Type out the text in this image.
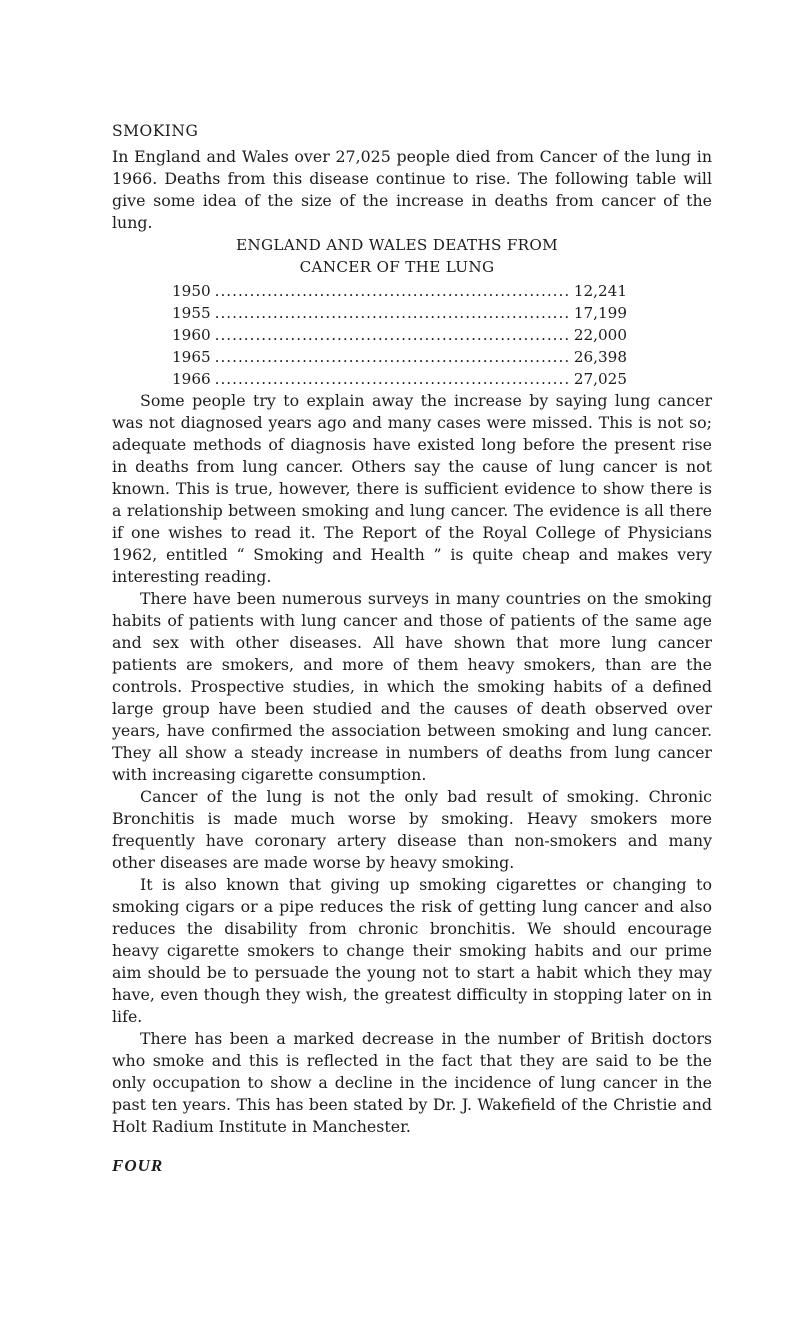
SMOKING

In England and Wales over 27,025 people died from Cancer of the lung in 1966. Deaths from this disease continue to rise. The following table will give some idea of the size of the increase in deaths from cancer of the lung.

ENGLAND AND WALES DEATHS FROM
CANCER OF THE LUNG
1950 .....	12,241
1955 .....	17,199
1960 .....	22,000
1965 .....	26,398
1966 .....	27,025

Some people try to explain away the increase by saying lung cancer was not diagnosed years ago and many cases were missed. This is not so; adequate methods of diagnosis have existed long before the present rise in deaths from lung cancer. Others say the cause of lung cancer is not known. This is true, however, there is sufficient evidence to show there is a relationship between smoking and lung cancer. The evidence is all there if one wishes to read it. The Report of the Royal College of Physicians 1962, entitled “ Smoking and Health ” is quite cheap and makes very interesting reading.

There have been numerous surveys in many countries on the smoking habits of patients with lung cancer and those of patients of the same age and sex with other diseases. All have shown that more lung cancer patients are smokers, and more of them heavy smokers, than are the controls. Prospective studies, in which the smoking habits of a defined large group have been studied and the causes of death observed over years, have confirmed the association between smoking and lung cancer. They all show a steady increase in numbers of deaths from lung cancer with increasing cigarette consumption.

Cancer of the lung is not the only bad result of smoking. Chronic Bronchitis is made much worse by smoking. Heavy smokers more frequently have coronary artery disease than non-smokers and many other diseases are made worse by heavy smoking.

It is also known that giving up smoking cigarettes or changing to smoking cigars or a pipe reduces the risk of getting lung cancer and also reduces the disability from chronic bronchitis. We should encourage heavy cigarette smokers to change their smoking habits and our prime aim should be to persuade the young not to start a habit which they may have, even though they wish, the greatest difficulty in stopping later on in life.

There has been a marked decrease in the number of British doctors who smoke and this is reflected in the fact that they are said to be the only occupation to show a decline in the incidence of lung cancer in the past ten years. This has been stated by Dr. J. Wakefield of the Christie and Holt Radium Institute in Manchester.

FOUR
